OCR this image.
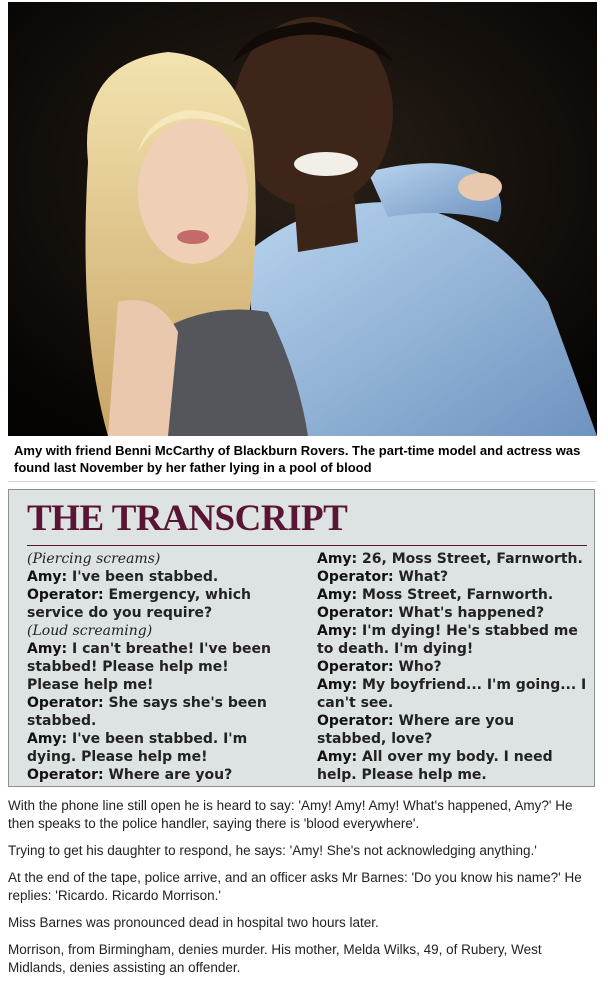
Amy with friend Benni McCarthy of Blackburn Rovers. The part-time model and actress was found last November by her father lying in a pool of blood
THE TRANSCRIPT
(Piercing screams)
Amy: I've been stabbed.
Operator: Emergency, which service do you require?
(Loud screaming)
Amy: I can't breathe! I've been stabbed! Please help me! Please help me!
Operator: She says she's been stabbed.
Amy: I've been stabbed. I'm dying. Please help me!
Operator: Where are you?
Amy: 26, Moss Street, Farnworth.
Operator: What?
Amy: Moss Street, Farnworth.
Operator: What's happened?
Amy: I'm dying! He's stabbed me to death. I'm dying!
Operator: Who?
Amy: My boyfriend... I'm going... I can't see.
Operator: Where are you stabbed, love?
Amy: All over my body. I need help. Please help me.

With the phone line still open he is heard to say: 'Amy! Amy! Amy! What's happened, Amy?' He then speaks to the police handler, saying there is 'blood everywhere'.

Trying to get his daughter to respond, he says: 'Amy! She's not acknowledging anything.'

At the end of the tape, police arrive, and an officer asks Mr Barnes: 'Do you know his name?' He replies: 'Ricardo. Ricardo Morrison.'

Miss Barnes was pronounced dead in hospital two hours later.

Morrison, from Birmingham, denies murder. His mother, Melda Wilks, 49, of Rubery, West Midlands, denies assisting an offender.
